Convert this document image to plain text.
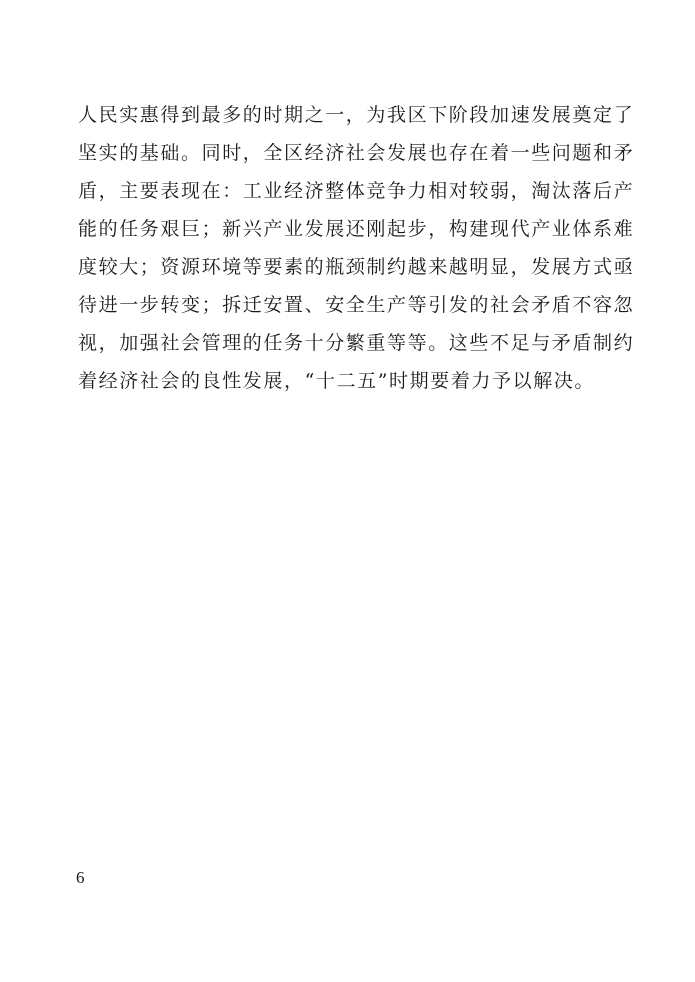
人民实惠得到最多的时期之一，为我区下阶段加速发展奠定了
坚实的基础。同时，全区经济社会发展也存在着一些问题和矛
盾，主要表现在：工业经济整体竞争力相对较弱，淘汰落后产
能的任务艰巨；新兴产业发展还刚起步，构建现代产业体系难
度较大；资源环境等要素的瓶颈制约越来越明显，发展方式亟
待进一步转变；拆迁安置、安全生产等引发的社会矛盾不容忽
视，加强社会管理的任务十分繁重等等。这些不足与矛盾制约
着经济社会的良性发展，“十二五”时期要着力予以解决。
6
